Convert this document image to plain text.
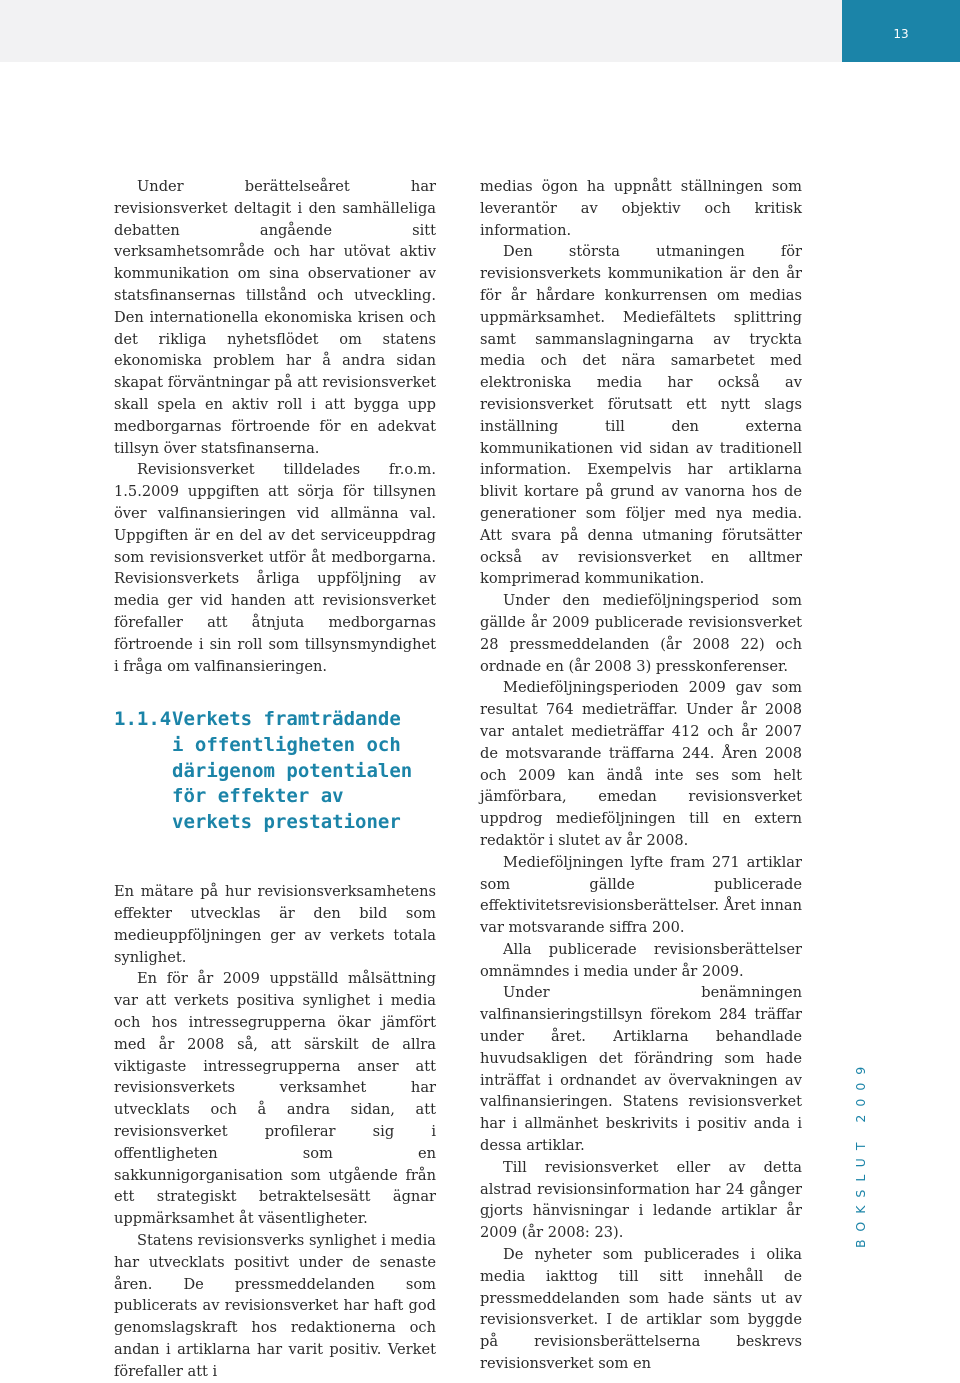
13

Under berättelseåret har revisionsverket deltagit i den samhälleliga debatten angående sitt verksamhetsområde och har utövat aktiv kommunikation om sina observationer av statsfinansernas tillstånd och utveckling. Den internationella ekonomiska krisen och det rikliga nyhetsflödet om statens ekonomiska problem har å andra sidan skapat förväntningar på att revisionsverket skall spela en aktiv roll i att bygga upp medborgarnas förtroende för en adekvat tillsyn över statsfinanserna.

Revisionsverket tilldelades fr.o.m. 1.5.2009 uppgiften att sörja för tillsynen över valfinansieringen vid allmänna val. Uppgiften är en del av det serviceuppdrag som revisionsverket utför åt medborgarna. Revisionsverkets årliga uppföljning av media ger vid handen att revisionsverket förefaller att åtnjuta medborgarnas förtroende i sin roll som tillsynsmyndighet i fråga om valfinansieringen.

1.1.4 Verkets framträdande i offentligheten och därigenom potentialen för effekter av verkets prestationer

En mätare på hur revisionsverksamhetens effekter utvecklas är den bild som medieuppföljningen ger av verkets totala synlighet.

En för år 2009 uppställd målsättning var att verkets positiva synlighet i media och hos intressegrupperna ökar jämfört med år 2008 så, att särskilt de allra viktigaste intressegrupperna anser att revisionsverkets verksamhet har utvecklats och å andra sidan, att revisionsverket profilerar sig i offentligheten som en sakkunnigorganisation som utgående från ett strategiskt betraktelsesätt ägnar uppmärksamhet åt väsentligheter.

Statens revisionsverks synlighet i media har utvecklats positivt under de senaste åren. De pressmeddelanden som publicerats av revisionsverket har haft god genomslagskraft hos redaktionerna och andan i artiklarna har varit positiv. Verket förefaller att i

medias ögon ha uppnått ställningen som leverantör av objektiv och kritisk information.

Den största utmaningen för revisionsverkets kommunikation är den år för år hårdare konkurrensen om medias uppmärksamhet. Mediefältets splittring samt sammanslagningarna av tryckta media och det nära samarbetet med elektroniska media har också av revisionsverket förutsatt ett nytt slags inställning till den externa kommunikationen vid sidan av traditionell information. Exempelvis har artiklarna blivit kortare på grund av vanorna hos de generationer som följer med nya media. Att svara på denna utmaning förutsätter också av revisionsverket en alltmer komprimerad kommunikation.

Under den medieföljningsperiod som gällde år 2009 publicerade revisionsverket 28 pressmeddelanden (år 2008 22) och ordnade en (år 2008 3) presskonferenser.

Medieföljningsperioden 2009 gav som resultat 764 medieträffar. Under år 2008 var antalet medieträffar 412 och år 2007 de motsvarande träffarna 244. Åren 2008 och 2009 kan ändå inte ses som helt jämförbara, emedan revisionsverket uppdrog medieföljningen till en extern redaktör i slutet av år 2008.

Medieföljningen lyfte fram 271 artiklar som gällde publicerade effektivitetsrevisionsberättelser. Året innan var motsvarande siffra 200.

Alla publicerade revisionsberättelser omnämndes i media under år 2009.

Under benämningen valfinansieringstillsyn förekom 284 träffar under året. Artiklarna behandlade huvudsakligen det förändring som hade inträffat i ordnandet av övervakningen av valfinansieringen. Statens revisionsverket har i allmänhet beskrivits i positiv anda i dessa artiklar.

Till revisionsverket eller av detta alstrad revisionsinformation har 24 gånger gjorts hänvisningar i ledande artiklar år 2009 (år 2008: 23).

De nyheter som publicerades i olika media iakttog till sitt innehåll de pressmeddelanden som hade sänts ut av revisionsverket. I de artiklar som byggde på revisionsberättelserna beskrevs revisionsverket som en

BOKSLUT 2009
